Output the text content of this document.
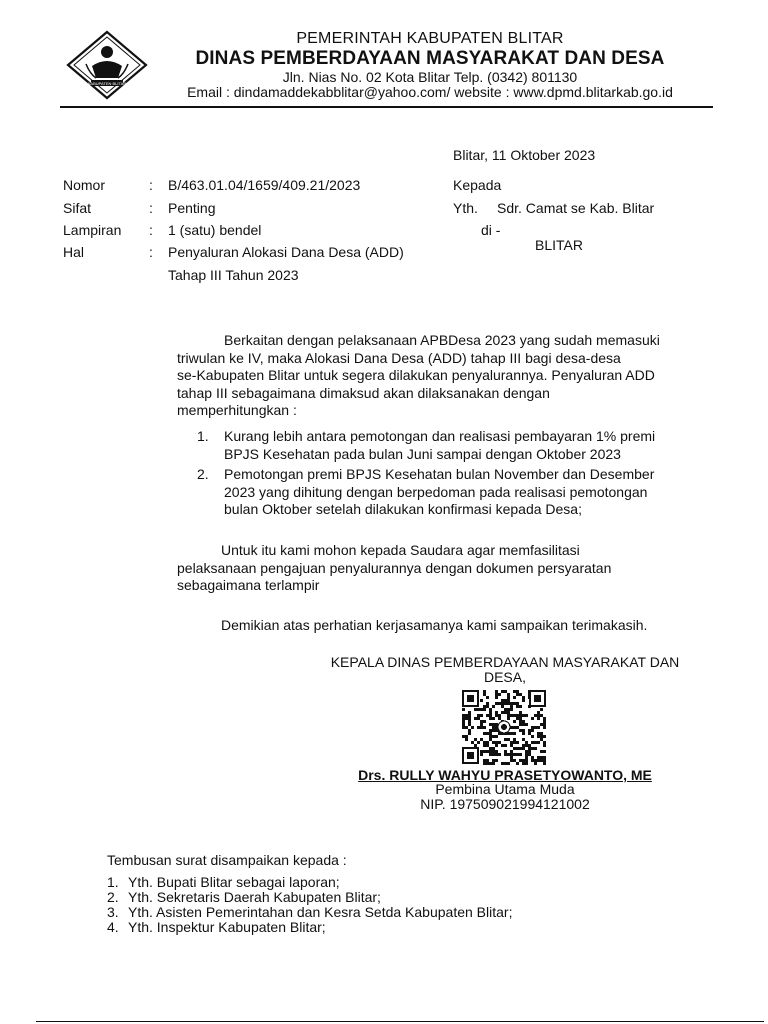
KABUPATEN BLITAR
PEMERINTAH KABUPATEN BLITAR
DINAS PEMBERDAYAAN MASYARAKAT DAN DESA
Jln. Nias No. 02 Kota Blitar Telp. (0342) 801130
Email : dindamaddekabblitar@yahoo.com/ website : www.dpmd.blitarkab.go.id
Blitar, 11 Oktober 2023
Nomor	: B/463.01.04/1659/409.21/2023
Sifat	: Penting
Lampiran : 1 (satu) bendel
Hal	: Penyaluran Alokasi Dana Desa (ADD)
Tahap III Tahun 2023
Kepada
Yth. Sdr. Camat se Kab. Blitar
di -
BLITAR
Berkaitan dengan pelaksanaan APBDesa 2023 yang sudah memasuki
triwulan ke IV, maka Alokasi Dana Desa (ADD) tahap III bagi desa-desa
se-Kabupaten Blitar untuk segera dilakukan penyalurannya. Penyaluran ADD
tahap III sebagaimana dimaksud akan dilaksanakan dengan
memperhitungkan :
1. Kurang lebih antara pemotongan dan realisasi pembayaran 1% premi
BPJS Kesehatan pada bulan Juni sampai dengan Oktober 2023
2. Pemotongan premi BPJS Kesehatan bulan November dan Desember
2023 yang dihitung dengan berpedoman pada realisasi pemotongan
bulan Oktober setelah dilakukan konfirmasi kepada Desa;
Untuk itu kami mohon kepada Saudara agar memfasilitasi
pelaksanaan pengajuan penyalurannya dengan dokumen persyaratan
sebagaimana terlampir
Demikian atas perhatian kerjasamanya kami sampaikan terimakasih.
KEPALA DINAS PEMBERDAYAAN MASYARAKAT DAN
DESA,
Drs. RULLY WAHYU PRASETYOWANTO, ME
Pembina Utama Muda
NIP. 197509021994121002
Tembusan surat disampaikan kepada :
1. Yth. Bupati Blitar sebagai laporan;
2. Yth. Sekretaris Daerah Kabupaten Blitar;
3. Yth. Asisten Pemerintahan dan Kesra Setda Kabupaten Blitar;
4. Yth. Inspektur Kabupaten Blitar;
